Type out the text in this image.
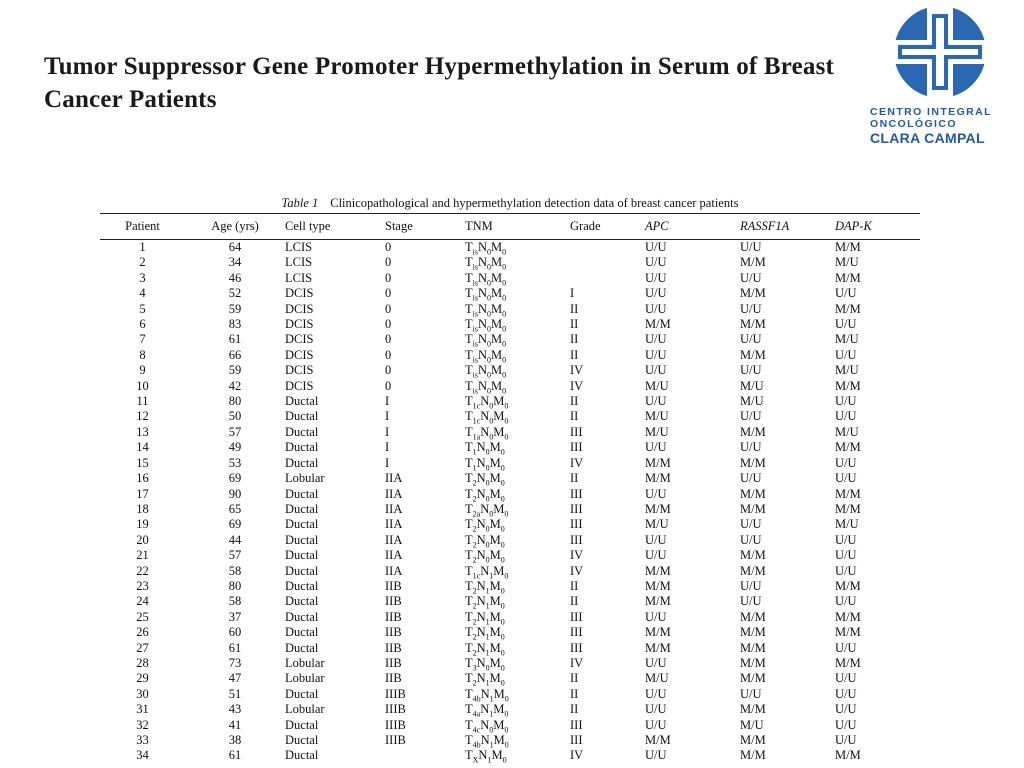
Tumor Suppressor Gene Promoter Hypermethylation in Serum of Breast Cancer Patients	CENTRO INTEGRAL
ONCOLÓGICO
CLARA CAMPAL
Table 1 Clinicopathological and hypermethylation detection data of breast cancer patients
Patient	Age (yrs)	Cell type	Stage	TNM	Grade	APC	RASSF1A	DAP-K
1	64	LCIS	0	$T_{is}N_0M_0$		U/U	U/U	M/M
2	34	LCIS	0	$T_{is}N_0M_0$		U/U	M/M	M/U
3	46	LCIS	0	$T_{is}N_0M_0$		U/U	U/U	M/M
4	52	DCIS	0	$T_{is}N_0M_0$	I	U/U	M/M	U/U
5	59	DCIS	0	$T_{is}N_0M_0$	II	U/U	U/U	M/M
6	83	DCIS	0	$T_{is}N_0M_0$	II	M/M	M/M	U/U
7	61	DCIS	0	$T_{is}N_0M_0$	II	U/U	U/U	M/U
8	66	DCIS	0	$T_{is}N_0M_0$	II	U/U	M/M	U/U
9	59	DCIS	0	$T_{is}N_0M_0$	IV	U/U	U/U	M/U
10	42	DCIS	0	$T_{is}N_0M_0$	IV	M/U	M/U	M/M
11	80	Ductal	I	$T_{1c}N_0M_0$	II	U/U	M/U	U/U
12	50	Ductal	I	$T_{1c}N_0M_0$	II	M/U	U/U	U/U
13	57	Ductal	I	$T_{1a}N_0M_0$	III	M/U	M/M	M/U
14	49	Ductal	I	$T_1N_0M_0$	III	U/U	U/U	M/M
15	53	Ductal	I	$T_1N_0M_0$	IV	M/M	M/M	U/U
16	69	Lobular	IIA	$T_2N_0M_0$	II	M/M	U/U	U/U
17	90	Ductal	IIA	$T_2N_0M_0$	III	U/U	M/M	M/M
18	65	Ductal	IIA	$T_{2a}N_0M_0$	III	M/M	M/M	M/M
19	69	Ductal	IIA	$T_2N_0M_0$	III	M/U	U/U	M/U
20	44	Ductal	IIA	$T_2N_0M_0$	III	U/U	U/U	U/U
21	57	Ductal	IIA	$T_2N_0M_0$	IV	U/U	M/M	U/U
22	58	Ductal	IIA	$T_{1c}N_1M_0$	IV	M/M	M/M	U/U
23	80	Ductal	IIB	$T_2N_1M_0$	II	M/M	U/U	M/M
24	58	Ductal	IIB	$T_2N_1M_0$	II	M/M	U/U	U/U
25	37	Ductal	IIB	$T_2N_1M_0$	III	U/U	M/M	M/M
26	60	Ductal	IIB	$T_2N_1M_0$	III	M/M	M/M	M/M
27	61	Ductal	IIB	$T_2N_1M_0$	III	M/M	M/M	U/U
28	73	Lobular	IIB	$T_3N_0M_0$	IV	U/U	M/M	M/M
29	47	Lobular	IIB	$T_2N_1M_0$	II	M/U	M/M	U/U
30	51	Ductal	IIIB	$T_{4b}N_1M_0$	II	U/U	U/U	U/U
31	43	Lobular	IIIB	$T_{4a}N_1M_0$	II	U/U	M/M	U/U
32	41	Ductal	IIIB	$T_{4c}N_0M_0$	III	U/U	M/U	U/U
33	38	Ductal	IIIB	$T_{4b}N_1M_0$	III	M/M	M/M	U/U
34	61	Ductal		$T_XN_1M_0$	IV	U/U	M/M	M/M
